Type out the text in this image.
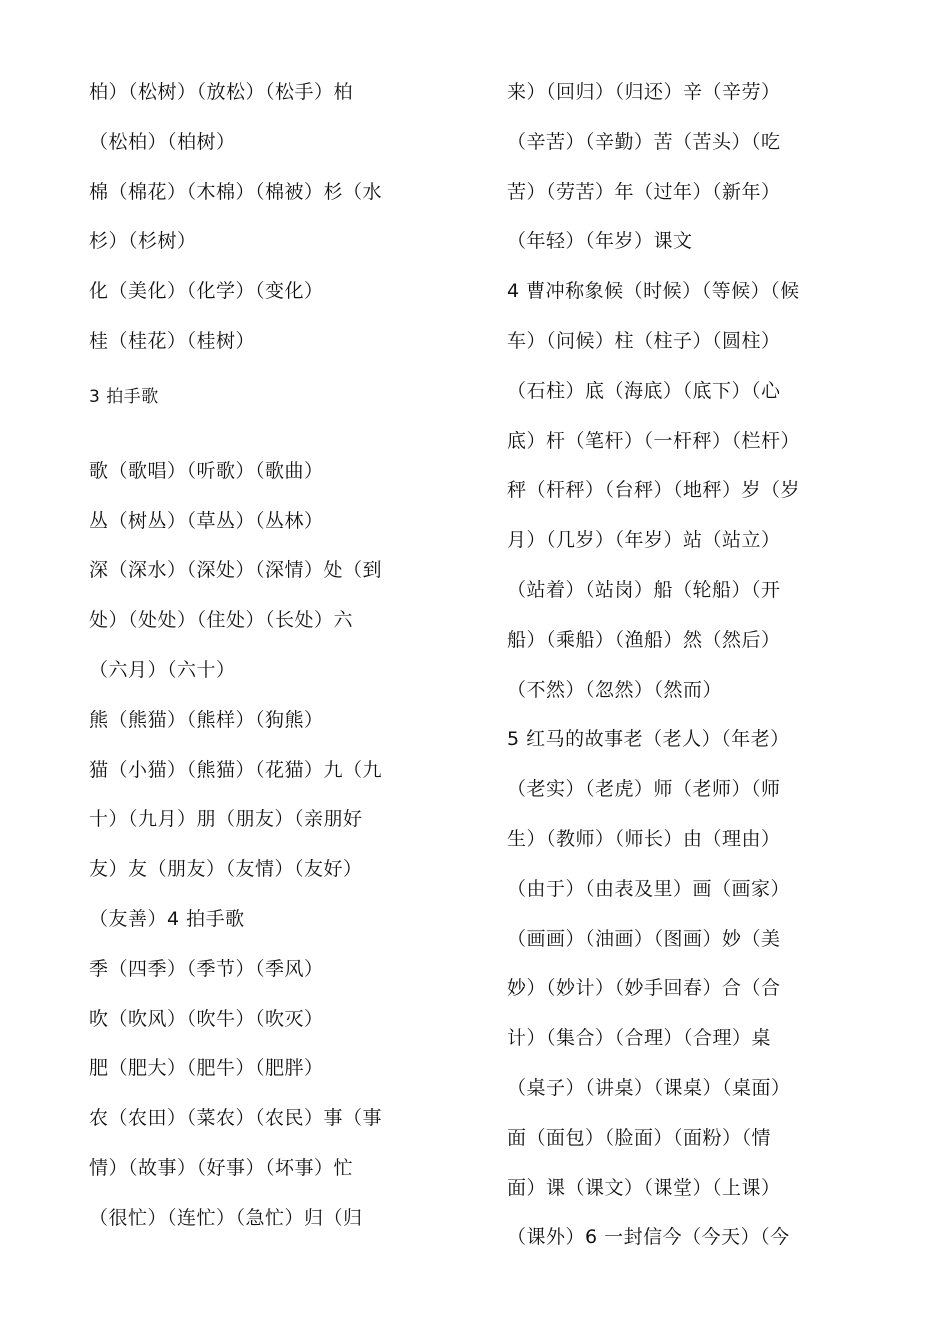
柏）（松树）（放松）（松手）柏
（松柏）（柏树）
棉（棉花）（木棉）（棉被）杉（水
杉）（杉树）
化（美化）（化学）（变化）
桂（桂花）（桂树）
3 拍手歌
歌（歌唱）（听歌）（歌曲）
丛（树丛）（草丛）（丛林）
深（深水）（深处）（深情）处（到
处）（处处）（住处）（长处）六
（六月）（六十）
熊（熊猫）（熊样）（狗熊）
猫（小猫）（熊猫）（花猫）九（九
十）（九月）朋（朋友）（亲朋好
友）友（朋友）（友情）（友好）
（友善）4 拍手歌
季（四季）（季节）（季风）
吹（吹风）（吹牛）（吹灭）
肥（肥大）（肥牛）（肥胖）
农（农田）（菜农）（农民）事（事
情）（故事）（好事）（坏事）忙
（很忙）（连忙）（急忙）归（归
来）（回归）（归还）辛（辛劳）
（辛苦）（辛勤）苦（苦头）（吃
苦）（劳苦）年（过年）（新年）
（年轻）（年岁）课文
4 曹冲称象候（时候）（等候）（候
车）（问候）柱（柱子）（圆柱）
（石柱）底（海底）（底下）（心
底）杆（笔杆）（一杆秤）（栏杆）
秤（杆秤）（台秤）（地秤）岁（岁
月）（几岁）（年岁）站（站立）
（站着）（站岗）船（轮船）（开
船）（乘船）（渔船）然（然后）
（不然）（忽然）（然而）
5 红马的故事老（老人）（年老）
（老实）（老虎）师（老师）（师
生）（教师）（师长）由（理由）
（由于）（由表及里）画（画家）
（画画）（油画）（图画）妙（美
妙）（妙计）（妙手回春）合（合
计）（集合）（合理）（合理）桌
（桌子）（讲桌）（课桌）（桌面）
面（面包）（脸面）（面粉）（情
面）课（课文）（课堂）（上课）
（课外）6 一封信今（今天）（今
